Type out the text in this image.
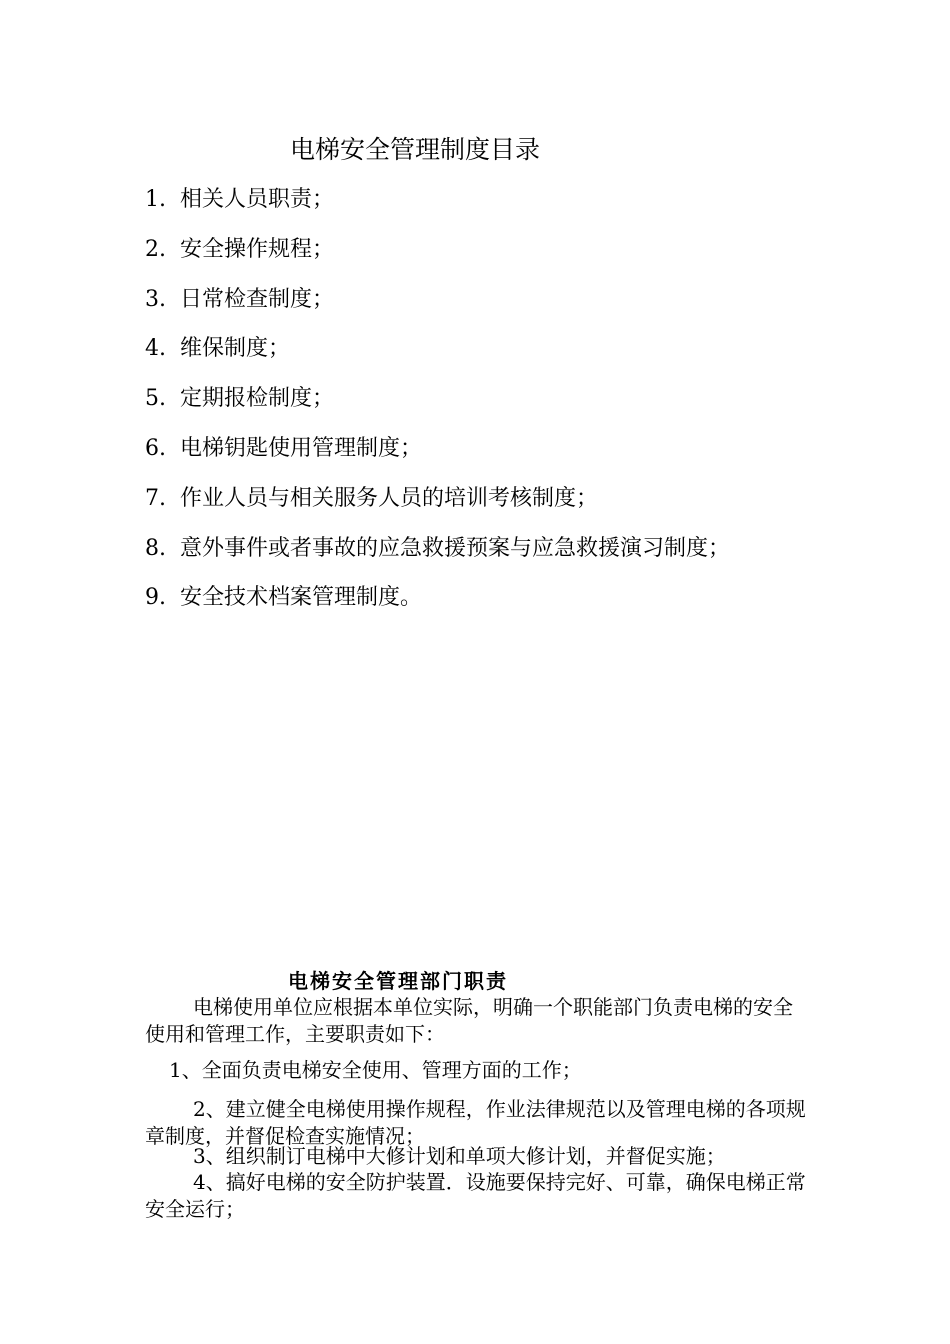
电梯安全管理制度目录
1. 相关人员职责；
2. 安全操作规程；
3. 日常检查制度；
4. 维保制度；
5. 定期报检制度；
6. 电梯钥匙使用管理制度；
7. 作业人员与相关服务人员的培训考核制度；
8. 意外事件或者事故的应急救援预案与应急救援演习制度；
9. 安全技术档案管理制度。
电梯安全管理部门职责
电梯使用单位应根据本单位实际，明确一个职能部门负责电梯的安全使用和管理工作，主要职责如下：
1、全面负责电梯安全使用、管理方面的工作；
2、建立健全电梯使用操作规程，作业法律规范以及管理电梯的各项规章制度，并督促检查实施情况；
3、组织制订电梯中大修计划和单项大修计划，并督促实施；
4、搞好电梯的安全防护装置．设施要保持完好、可靠，确保电梯正常安全运行；
